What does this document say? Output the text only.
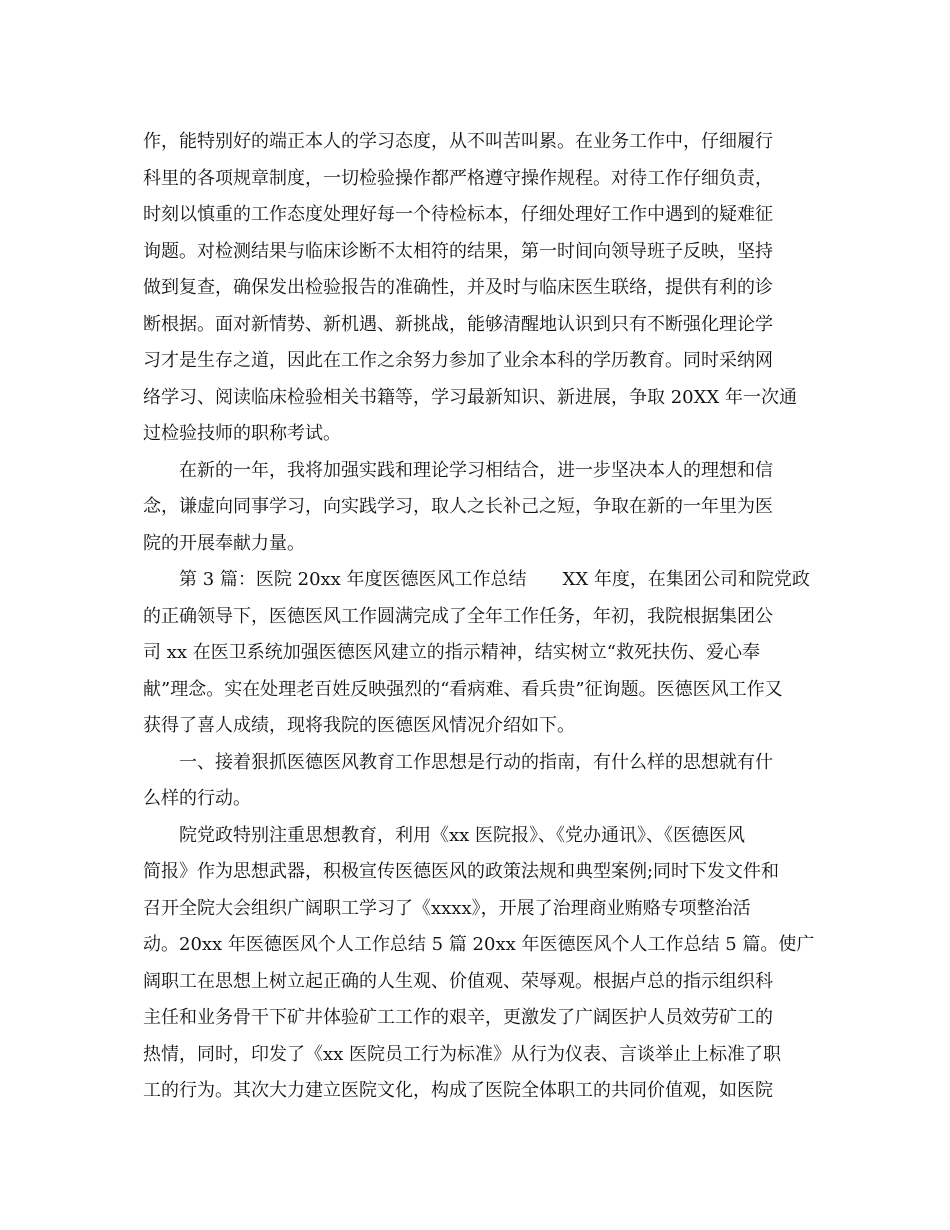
作，能特别好的端正本人的学习态度，从不叫苦叫累。在业务工作中，仔细履行
科里的各项规章制度，一切检验操作都严格遵守操作规程。对待工作仔细负责，
时刻以慎重的工作态度处理好每一个待检标本，仔细处理好工作中遇到的疑难征
询题。对检测结果与临床诊断不太相符的结果，第一时间向领导班子反映，坚持
做到复查，确保发出检验报告的准确性，并及时与临床医生联络，提供有利的诊
断根据。面对新情势、新机遇、新挑战，能够清醒地认识到只有不断强化理论学
习才是生存之道，因此在工作之余努力参加了业余本科的学历教育。同时采纳网
络学习、阅读临床检验相关书籍等，学习最新知识、新进展，争取 20XX 年一次通
过检验技师的职称考试。
在新的一年，我将加强实践和理论学习相结合，进一步坚决本人的理想和信
念，谦虚向同事学习，向实践学习，取人之长补己之短，争取在新的一年里为医
院的开展奉献力量。
第 3 篇：医院 20xx 年度医德医风工作总结　　XX 年度，在集团公司和院党政
的正确领导下，医德医风工作圆满完成了全年工作任务，年初，我院根据集团公
司 xx 在医卫系统加强医德医风建立的指示精神，结实树立“救死扶伤、爱心奉
献”理念。实在处理老百姓反映强烈的“看病难、看兵贵”征询题。医德医风工作又
获得了喜人成绩，现将我院的医德医风情况介绍如下。
一、接着狠抓医德医风教育工作思想是行动的指南，有什么样的思想就有什
么样的行动。
院党政特别注重思想教育，利用《xx 医院报》、《党办通讯》、《医德医风
简报》作为思想武器，积极宣传医德医风的政策法规和典型案例;同时下发文件和
召开全院大会组织广阔职工学习了《xxxx》，开展了治理商业贿赂专项整治活
动。20xx 年医德医风个人工作总结 5 篇 20xx 年医德医风个人工作总结 5 篇。使广
阔职工在思想上树立起正确的人生观、价值观、荣辱观。根据卢总的指示组织科
主任和业务骨干下矿井体验矿工工作的艰辛，更激发了广阔医护人员效劳矿工的
热情，同时，印发了《xx 医院员工行为标准》从行为仪表、言谈举止上标准了职
工的行为。其次大力建立医院文化，构成了医院全体职工的共同价值观，如医院
